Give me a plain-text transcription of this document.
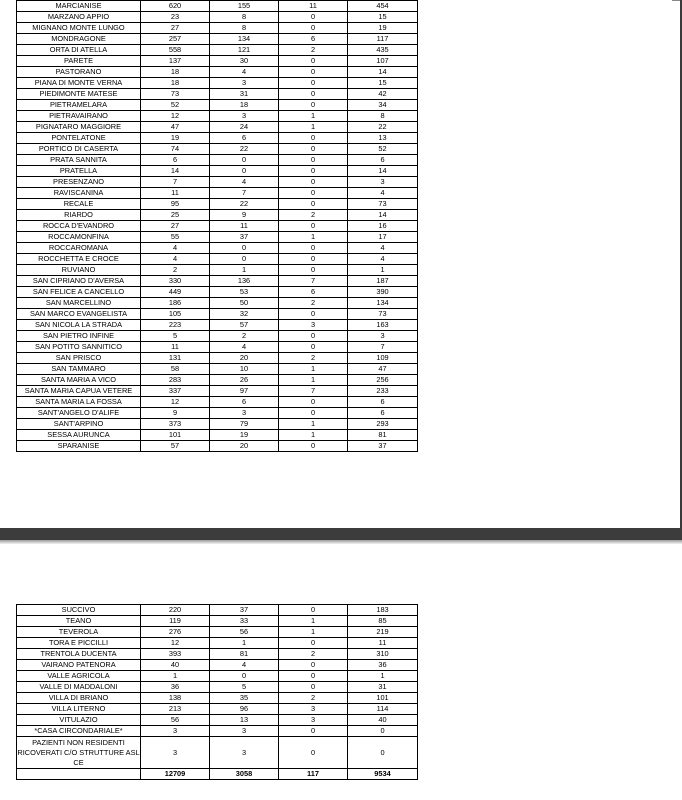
MARCIANISE	620	155	11	454
MARZANO APPIO	23	8	0	15
MIGNANO MONTE LUNGO	27	8	0	19
MONDRAGONE	257	134	6	117
ORTA DI ATELLA	558	121	2	435
PARETE	137	30	0	107
PASTORANO	18	4	0	14
PIANA DI MONTE VERNA	18	3	0	15
PIEDIMONTE MATESE	73	31	0	42
PIETRAMELARA	52	18	0	34
PIETRAVAIRANO	12	3	1	8
PIGNATARO MAGGIORE	47	24	1	22
PONTELATONE	19	6	0	13
PORTICO DI CASERTA	74	22	0	52
PRATA SANNITA	6	0	0	6
PRATELLA	14	0	0	14
PRESENZANO	7	4	0	3
RAVISCANINA	11	7	0	4
RECALE	95	22	0	73
RIARDO	25	9	2	14
ROCCA D'EVANDRO	27	11	0	16
ROCCAMONFINA	55	37	1	17
ROCCAROMANA	4	0	0	4
ROCCHETTA E CROCE	4	0	0	4
RUVIANO	2	1	0	1
SAN CIPRIANO D'AVERSA	330	136	7	187
SAN FELICE A CANCELLO	449	53	6	390
SAN MARCELLINO	186	50	2	134
SAN MARCO EVANGELISTA	105	32	0	73
SAN NICOLA LA STRADA	223	57	3	163
SAN PIETRO INFINE	5	2	0	3
SAN POTITO SANNITICO	11	4	0	7
SAN PRISCO	131	20	2	109
SAN TAMMARO	58	10	1	47
SANTA MARIA A VICO	283	26	1	256
SANTA MARIA CAPUA VETERE	337	97	7	233
SANTA MARIA LA FOSSA	12	6	0	6
SANT'ANGELO D'ALIFE	9	3	0	6
SANT'ARPINO	373	79	1	293
SESSA AURUNCA	101	19	1	81
SPARANISE	57	20	0	37
SUCCIVO	220	37	0	183
TEANO	119	33	1	85
TEVEROLA	276	56	1	219
TORA E PICCILLI	12	1	0	11
TRENTOLA DUCENTA	393	81	2	310
VAIRANO PATENORA	40	4	0	36
VALLE AGRICOLA	1	0	0	1
VALLE DI MADDALONI	36	5	0	31
VILLA DI BRIANO	138	35	2	101
VILLA LITERNO	213	96	3	114
VITULAZIO	56	13	3	40
*CASA CIRCONDARIALE*	3	3	0	0
PAZIENTI NON RESIDENTI RICOVERATI C/O STRUTTURE ASL CE	3	3	0	0
	12709	3058	117	9534
